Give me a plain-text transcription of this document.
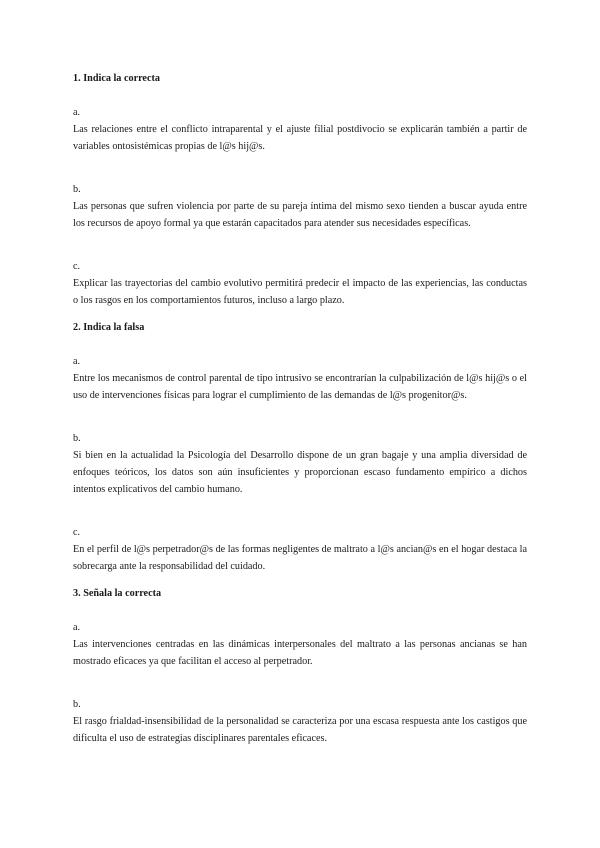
1. Indica la correcta

a.
Las relaciones entre el conflicto intraparental y el ajuste filial postdivocio se explicarán también a partir de variables ontosistémicas propias de l@s hij@s.
b.
Las personas que sufren violencia por parte de su pareja íntima del mismo sexo tienden a buscar ayuda entre los recursos de apoyo formal ya que estarán capacitados para atender sus necesidades específicas.
c.
Explicar las trayectorias del cambio evolutivo permitirá predecir el impacto de las experiencias, las conductas o los rasgos en los comportamientos futuros, incluso a largo plazo.

2. Indica la falsa

a.
Entre los mecanismos de control parental de tipo intrusivo se encontrarían la culpabilización de l@s hij@s o el uso de intervenciones físicas para lograr el cumplimiento de las demandas de l@s progenitor@s.
b.
Si bien en la actualidad la Psicología del Desarrollo dispone de un gran bagaje y una amplia diversidad de enfoques teóricos, los datos son aún insuficientes y proporcionan escaso fundamento empírico a dichos intentos explicativos del cambio humano.
c.
En el perfil de l@s perpetrador@s de las formas negligentes de maltrato a l@s ancian@s en el hogar destaca la sobrecarga ante la responsabilidad del cuidado.

3. Señala la correcta

a.
Las intervenciones centradas en las dinámicas interpersonales del maltrato a las personas ancianas se han mostrado eficaces ya que facilitan el acceso al perpetrador.
b.
El rasgo frialdad-insensibilidad de la personalidad se caracteriza por una escasa respuesta ante los castigos que dificulta el uso de estrategias disciplinares parentales eficaces.
